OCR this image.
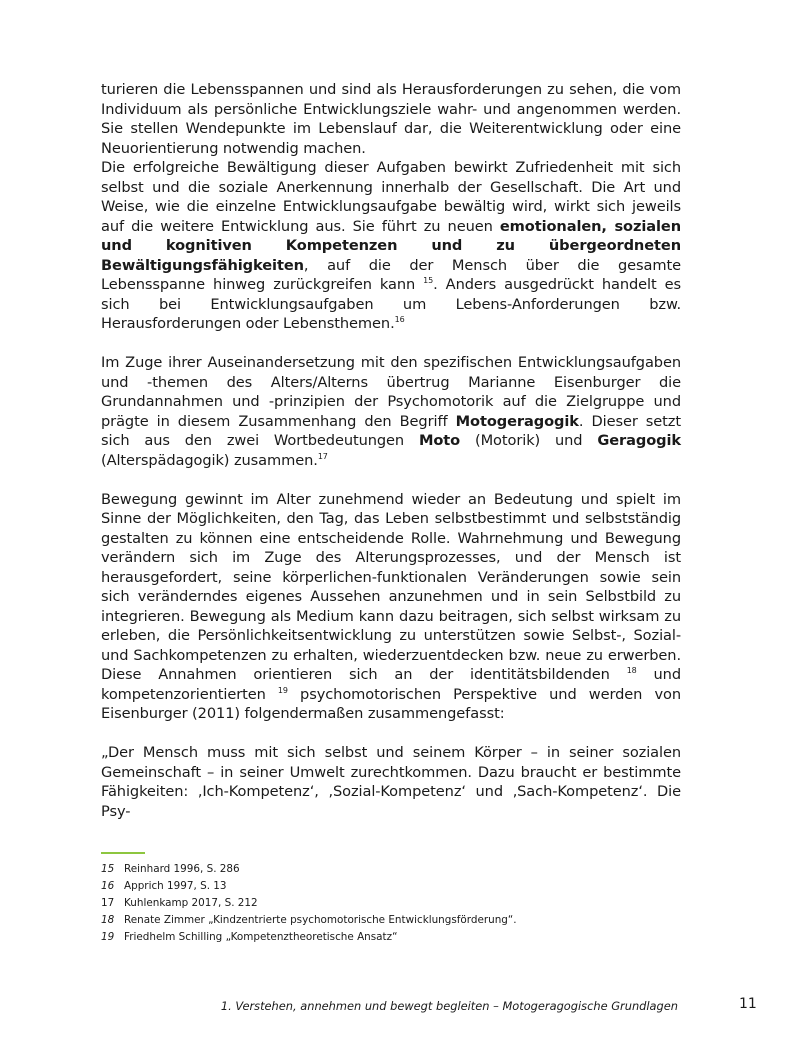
turieren die Lebensspannen und sind als Herausforderungen zu sehen, die vom Individuum als persönliche Entwicklungsziele wahr- und angenommen werden. Sie stellen Wendepunkte im Lebenslauf dar, die Weiterentwicklung oder eine Neuorientierung notwendig machen.

Die erfolgreiche Bewältigung dieser Aufgaben bewirkt Zufriedenheit mit sich selbst und die soziale Anerkennung innerhalb der Gesellschaft. Die Art und Weise, wie die einzelne Entwicklungsaufgabe bewältig wird, wirkt sich jeweils auf die weitere Entwicklung aus. Sie führt zu neuen emotionalen, sozialen und kognitiven Kompetenzen und zu übergeordneten Bewältigungsfähigkeiten, auf die der Mensch über die gesamte Lebensspanne hinweg zurückgreifen kann $^{15}$. Anders ausgedrückt handelt es sich bei Entwicklungsaufgaben um Lebens-Anforderungen bzw. Herausforderungen oder Lebensthemen.$^{16}$

Im Zuge ihrer Auseinandersetzung mit den spezifischen Entwicklungsaufgaben und -themen des Alters/Alterns übertrug Marianne Eisenburger die Grundannahmen und -prinzipien der Psychomotorik auf die Zielgruppe und prägte in diesem Zusammenhang den Begriff Motogeragogik. Dieser setzt sich aus den zwei Wortbedeutungen Moto (Motorik) und Geragogik (Alterspädagogik) zusammen.$^{17}$

Bewegung gewinnt im Alter zunehmend wieder an Bedeutung und spielt im Sinne der Möglichkeiten, den Tag, das Leben selbstbestimmt und selbstständig gestalten zu können eine entscheidende Rolle. Wahrnehmung und Bewegung verändern sich im Zuge des Alterungsprozesses, und der Mensch ist herausgefordert, seine körperlichen-funktionalen Veränderungen sowie sein sich veränderndes eigenes Aussehen anzunehmen und in sein Selbstbild zu integrieren. Bewegung als Medium kann dazu beitragen, sich selbst wirksam zu erleben, die Persönlichkeitsentwicklung zu unterstützen sowie Selbst-, Sozial- und Sachkompetenzen zu erhalten, wiederzuentdecken bzw. neue zu erwerben. Diese Annahmen orientieren sich an der identitätsbildenden $^{18}$ und kompetenzorientierten $^{19}$ psychomotorischen Perspektive und werden von Eisenburger (2011) folgendermaßen zusammengefasst:

„Der Mensch muss mit sich selbst und seinem Körper – in seiner sozialen Gemeinschaft – in seiner Umwelt zurechtkommen. Dazu braucht er bestimmte Fähigkeiten: ‚Ich-Kompetenz‘, ‚Sozial-Kompetenz‘ und ‚Sach-Kompetenz‘. Die Psy-

15 Reinhard 1996, S. 286
16 Apprich 1997, S. 13
17 Kuhlenkamp 2017, S. 212
18 Renate Zimmer „Kindzentrierte psychomotorische Entwicklungsförderung“.
19 Friedhelm Schilling „Kompetenztheoretische Ansatz“
1. Verstehen, annehmen und bewegt begleiten – Motogeragogische Grundlagen	11
